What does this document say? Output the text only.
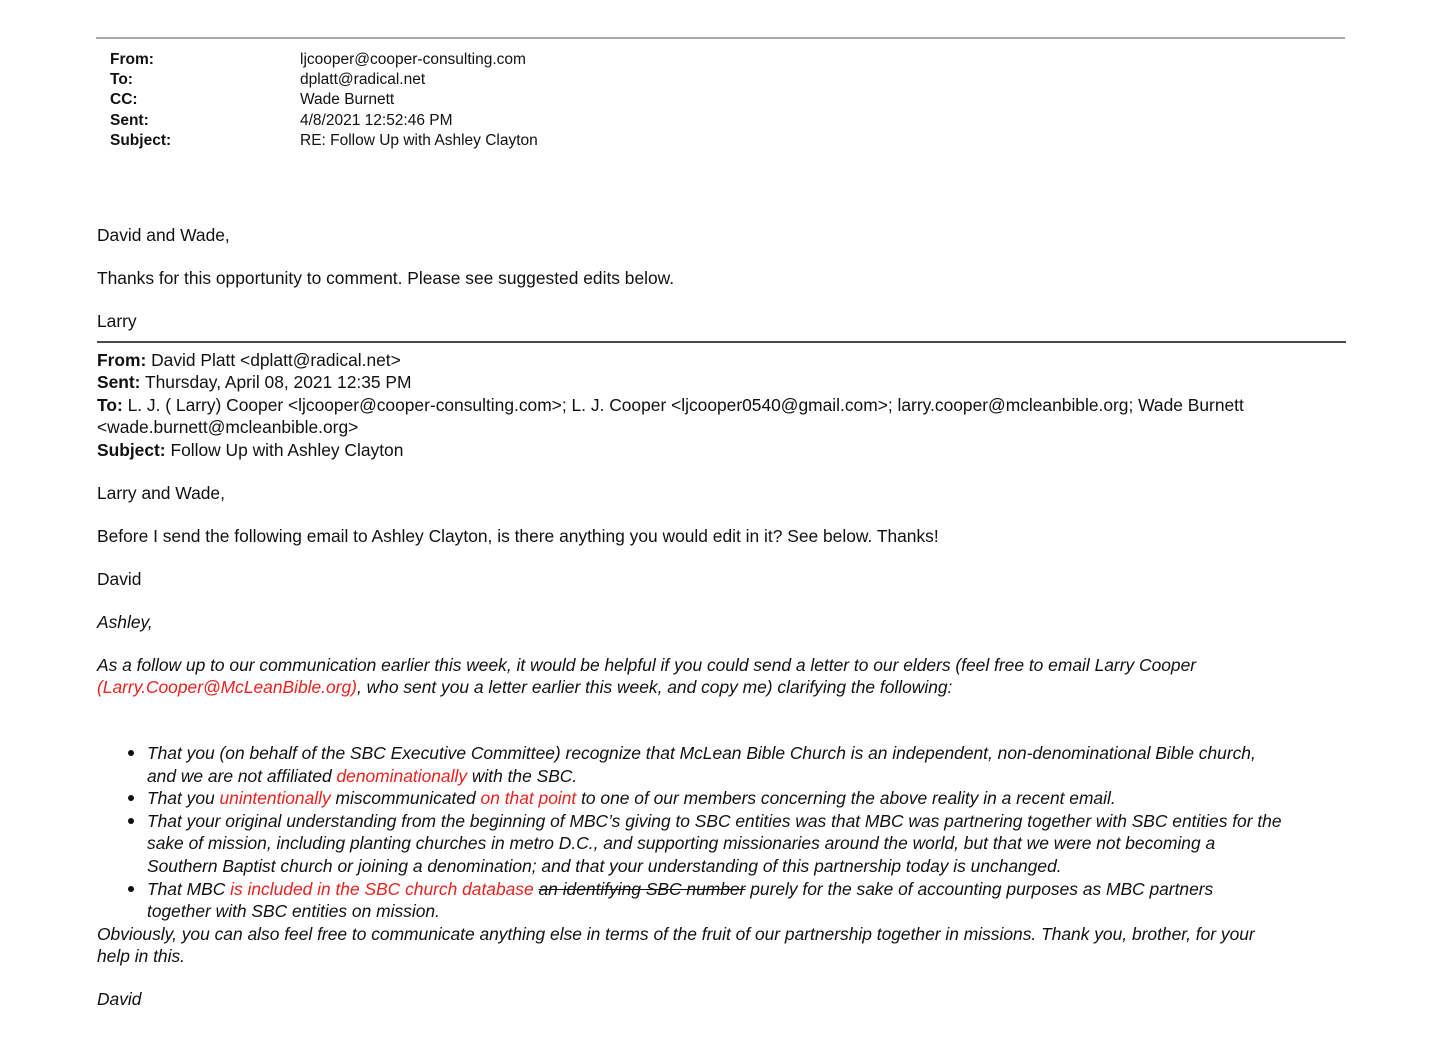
From:	ljcooper@cooper-consulting.com
To:	dplatt@radical.net
CC:	Wade Burnett
Sent:	4/8/2021 12:52:46 PM
Subject:	RE: Follow Up with Ashley Clayton

David and Wade,

Thanks for this opportunity to comment. Please see suggested edits below.

Larry

From: David Platt <dplatt@radical.net>

Sent: Thursday, April 08, 2021 12:35 PM

To: L. J. ( Larry) Cooper <ljcooper@cooper-consulting.com>; L. J. Cooper <ljcooper0540@gmail.com>; larry.cooper@mcleanbible.org; Wade Burnett

<wade.burnett@mcleanbible.org>

Subject: Follow Up with Ashley Clayton

Larry and Wade,

Before I send the following email to Ashley Clayton, is there anything you would edit in it? See below. Thanks!

David

Ashley,

As a follow up to our communication earlier this week, it would be helpful if you could send a letter to our elders (feel free to email Larry Cooper

(Larry.Cooper@McLeanBible.org), who sent you a letter earlier this week, and copy me) clarifying the following:

That you (on behalf of the SBC Executive Committee) recognize that McLean Bible Church is an independent, non-denominational Bible church,
and we are not affiliated denominationally with the SBC.
That you unintentionally miscommunicated on that point to one of our members concerning the above reality in a recent email.
That your original understanding from the beginning of MBC’s giving to SBC entities was that MBC was partnering together with SBC entities for the
sake of mission, including planting churches in metro D.C., and supporting missionaries around the world, but that we were not becoming a
Southern Baptist church or joining a denomination; and that your understanding of this partnership today is unchanged.
That MBC is included in the SBC church database an identifying SBC number purely for the sake of accounting purposes as MBC partners
together with SBC entities on mission.

Obviously, you can also feel free to communicate anything else in terms of the fruit of our partnership together in missions. Thank you, brother, for your

help in this.

David
